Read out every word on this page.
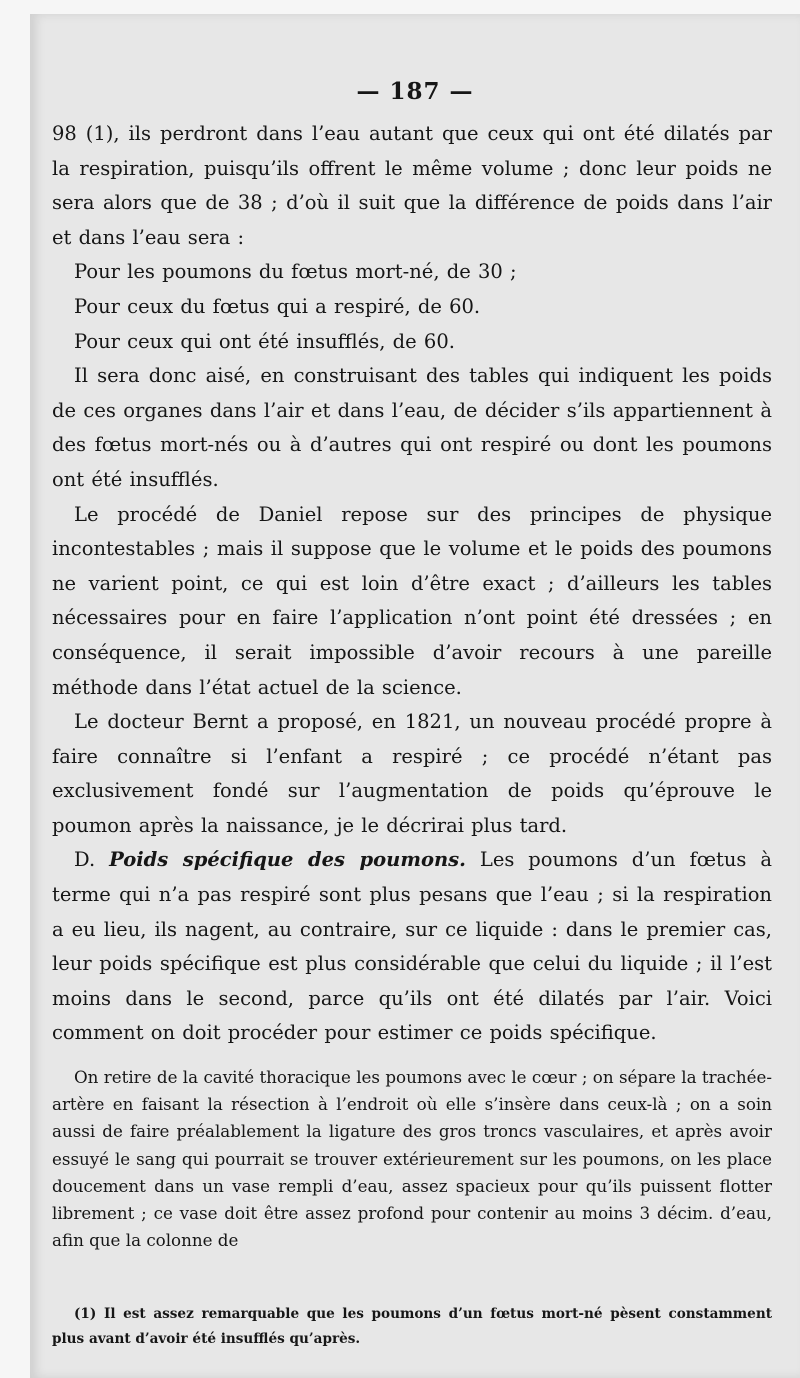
— 187 —

98 (1), ils perdront dans l’eau autant que ceux qui ont été dilatés par la respiration, puisqu’ils offrent le même volume ; donc leur poids ne sera alors que de 38 ; d’où il suit que la différence de poids dans l’air et dans l’eau sera :

Pour les poumons du fœtus mort-né, de 30 ;

Pour ceux du fœtus qui a respiré, de 60.

Pour ceux qui ont été insufflés, de 60.

Il sera donc aisé, en construisant des tables qui indiquent les poids de ces organes dans l’air et dans l’eau, de décider s’ils appartiennent à des fœtus mort-nés ou à d’autres qui ont respiré ou dont les poumons ont été insufflés.

Le procédé de Daniel repose sur des principes de physique incontestables ; mais il suppose que le volume et le poids des poumons ne varient point, ce qui est loin d’être exact ; d’ailleurs les tables nécessaires pour en faire l’application n’ont point été dressées ; en conséquence, il serait impossible d’avoir recours à une pareille méthode dans l’état actuel de la science.

Le docteur Bernt a proposé, en 1821, un nouveau procédé propre à faire connaître si l’enfant a respiré ; ce procédé n’étant pas exclusivement fondé sur l’augmentation de poids qu’éprouve le poumon après la naissance, je le décrirai plus tard.

D. Poids spécifique des poumons. Les poumons d’un fœtus à terme qui n’a pas respiré sont plus pesans que l’eau ; si la respiration a eu lieu, ils nagent, au contraire, sur ce liquide : dans le premier cas, leur poids spécifique est plus considérable que celui du liquide ; il l’est moins dans le second, parce qu’ils ont été dilatés par l’air. Voici comment on doit procéder pour estimer ce poids spécifique.

On retire de la cavité thoracique les poumons avec le cœur ; on sépare la trachée-artère en faisant la résection à l’endroit où elle s’insère dans ceux-là ; on a soin aussi de faire préalablement la ligature des gros troncs vasculaires, et après avoir essuyé le sang qui pourrait se trouver extérieurement sur les poumons, on les place doucement dans un vase rempli d’eau, assez spacieux pour qu’ils puissent flotter librement ; ce vase doit être assez profond pour contenir au moins 3 décim. d’eau, afin que la colonne de

(1) Il est assez remarquable que les poumons d’un fœtus mort-né pèsent constamment plus avant d’avoir été insufflés qu’après.
